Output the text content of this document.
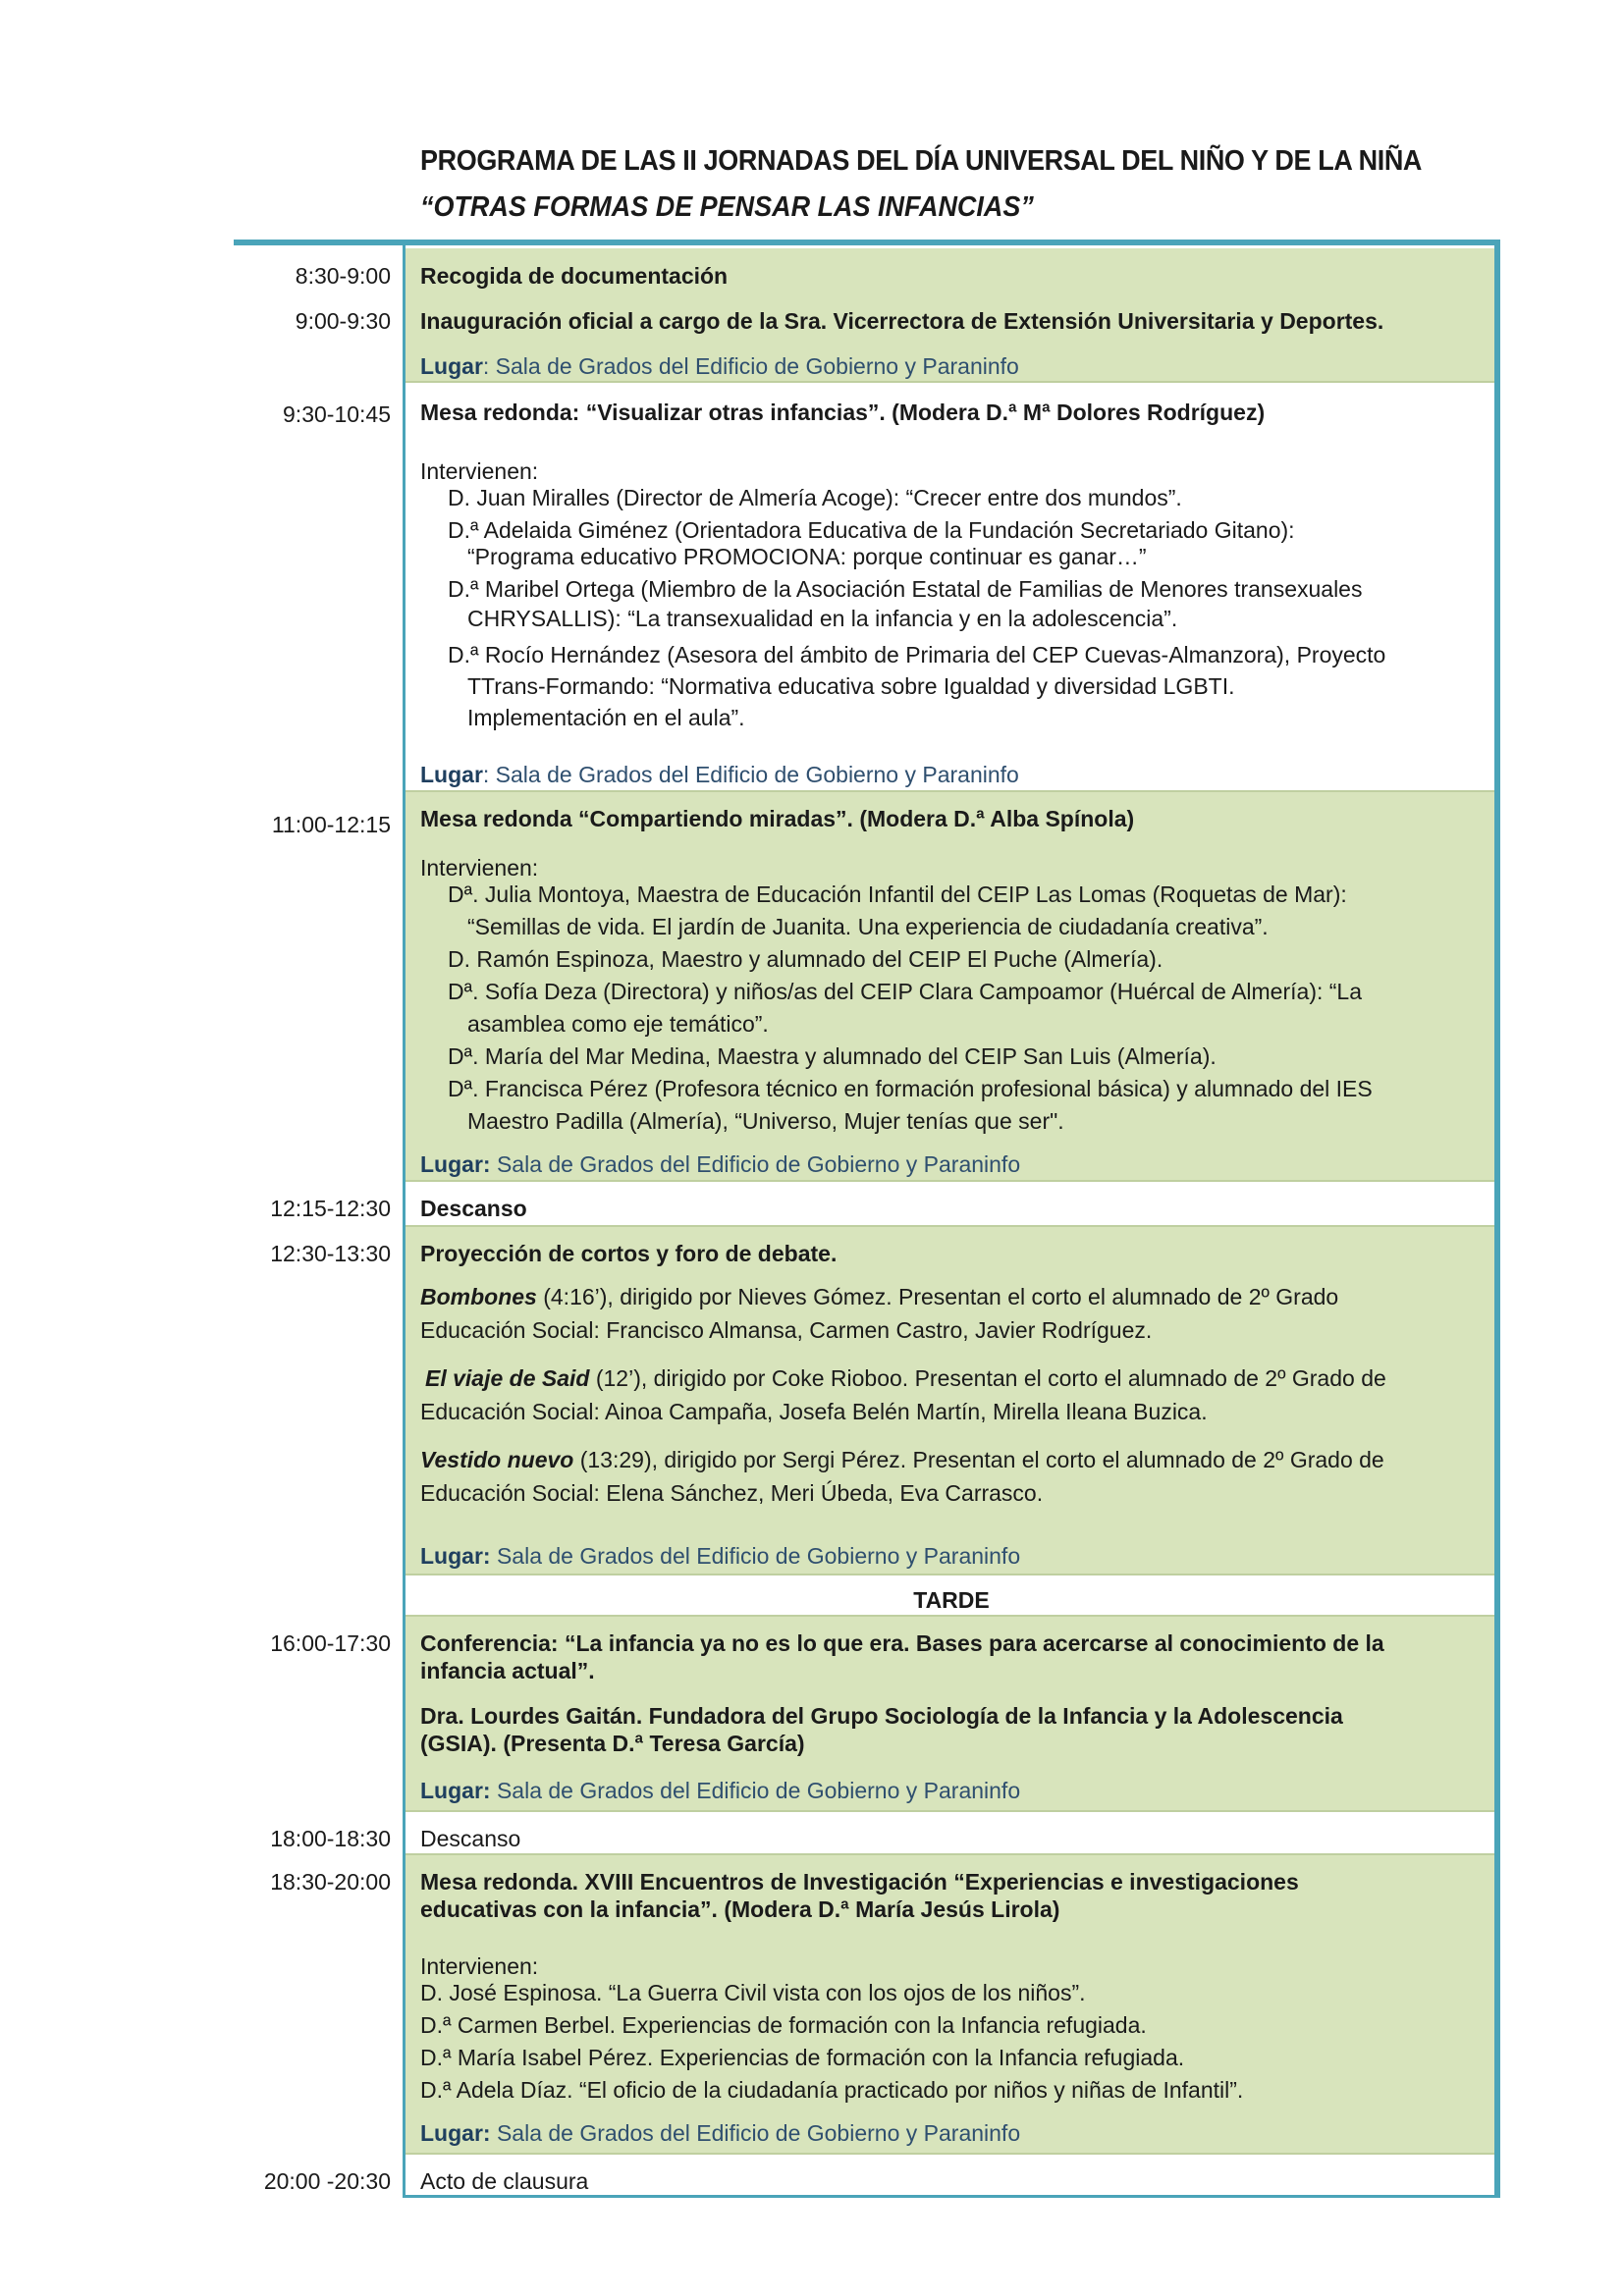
PROGRAMA DE LAS II JORNADAS DEL DÍA UNIVERSAL DEL NIÑO Y DE LA NIÑA
“OTRAS FORMAS DE PENSAR LAS INFANCIAS”
Recogida de documentación
Inauguración oficial a cargo de la Sra. Vicerrectora de Extensión Universitaria y Deportes.
Lugar: Sala de Grados del Edificio de Gobierno y Paraninfo
8:30-9:00
9:00-9:30
Mesa redonda: “Visualizar otras infancias”. (Modera D.ª Mª Dolores Rodríguez)
Intervienen:
D. Juan Miralles (Director de Almería Acoge): “Crecer entre dos mundos”.
D.ª Adelaida Giménez (Orientadora Educativa de la Fundación Secretariado Gitano):
“Programa educativo PROMOCIONA: porque continuar es ganar…”
D.ª Maribel Ortega (Miembro de la Asociación Estatal de Familias de Menores transexuales
CHRYSALLIS): “La transexualidad en la infancia y en la adolescencia”.
D.ª Rocío Hernández (Asesora del ámbito de Primaria del CEP Cuevas-Almanzora), Proyecto
TTrans-Formando: “Normativa educativa sobre Igualdad y diversidad LGBTI.
Implementación en el aula”.
Lugar: Sala de Grados del Edificio de Gobierno y Paraninfo
9:30-10:45
Mesa redonda “Compartiendo miradas”. (Modera D.ª Alba Spínola)
Intervienen:
Dª. Julia Montoya, Maestra de Educación Infantil del CEIP Las Lomas (Roquetas de Mar):
“Semillas de vida. El jardín de Juanita. Una experiencia de ciudadanía creativa”.
D. Ramón Espinoza, Maestro y alumnado del CEIP El Puche (Almería).
Dª. Sofía Deza (Directora) y niños/as del CEIP Clara Campoamor (Huércal de Almería): “La
asamblea como eje temático”.
Dª. María del Mar Medina, Maestra y alumnado del CEIP San Luis (Almería).
Dª. Francisca Pérez (Profesora técnico en formación profesional básica) y alumnado del IES
Maestro Padilla (Almería), “Universo, Mujer tenías que ser".
Lugar: Sala de Grados del Edificio de Gobierno y Paraninfo
11:00-12:15
Descanso
12:15-12:30
Proyección de cortos y foro de debate.
Bombones (4:16’), dirigido por Nieves Gómez. Presentan el corto el alumnado de 2º Grado
Educación Social: Francisco Almansa, Carmen Castro, Javier Rodríguez.
El viaje de Said (12’), dirigido por Coke Rioboo. Presentan el corto el alumnado de 2º Grado de
Educación Social: Ainoa Campaña, Josefa Belén Martín, Mirella Ileana Buzica.
Vestido nuevo (13:29), dirigido por Sergi Pérez. Presentan el corto el alumnado de 2º Grado de
Educación Social: Elena Sánchez, Meri Úbeda, Eva Carrasco.
Lugar: Sala de Grados del Edificio de Gobierno y Paraninfo
12:30-13:30
TARDE
Conferencia: “La infancia ya no es lo que era. Bases para acercarse al conocimiento de la
infancia actual”.
Dra. Lourdes Gaitán. Fundadora del Grupo Sociología de la Infancia y la Adolescencia
(GSIA). (Presenta D.ª Teresa García)
Lugar: Sala de Grados del Edificio de Gobierno y Paraninfo
16:00-17:30
Descanso
18:00-18:30
Mesa redonda. XVIII Encuentros de Investigación “Experiencias e investigaciones
educativas con la infancia”. (Modera D.ª María Jesús Lirola)
Intervienen:
D. José Espinosa. “La Guerra Civil vista con los ojos de los niños”.
D.ª Carmen Berbel. Experiencias de formación con la Infancia refugiada.
D.ª María Isabel Pérez. Experiencias de formación con la Infancia refugiada.
D.ª Adela Díaz. “El oficio de la ciudadanía practicado por niños y niñas de Infantil”.
Lugar: Sala de Grados del Edificio de Gobierno y Paraninfo
18:30-20:00
Acto de clausura
20:00 -20:30
